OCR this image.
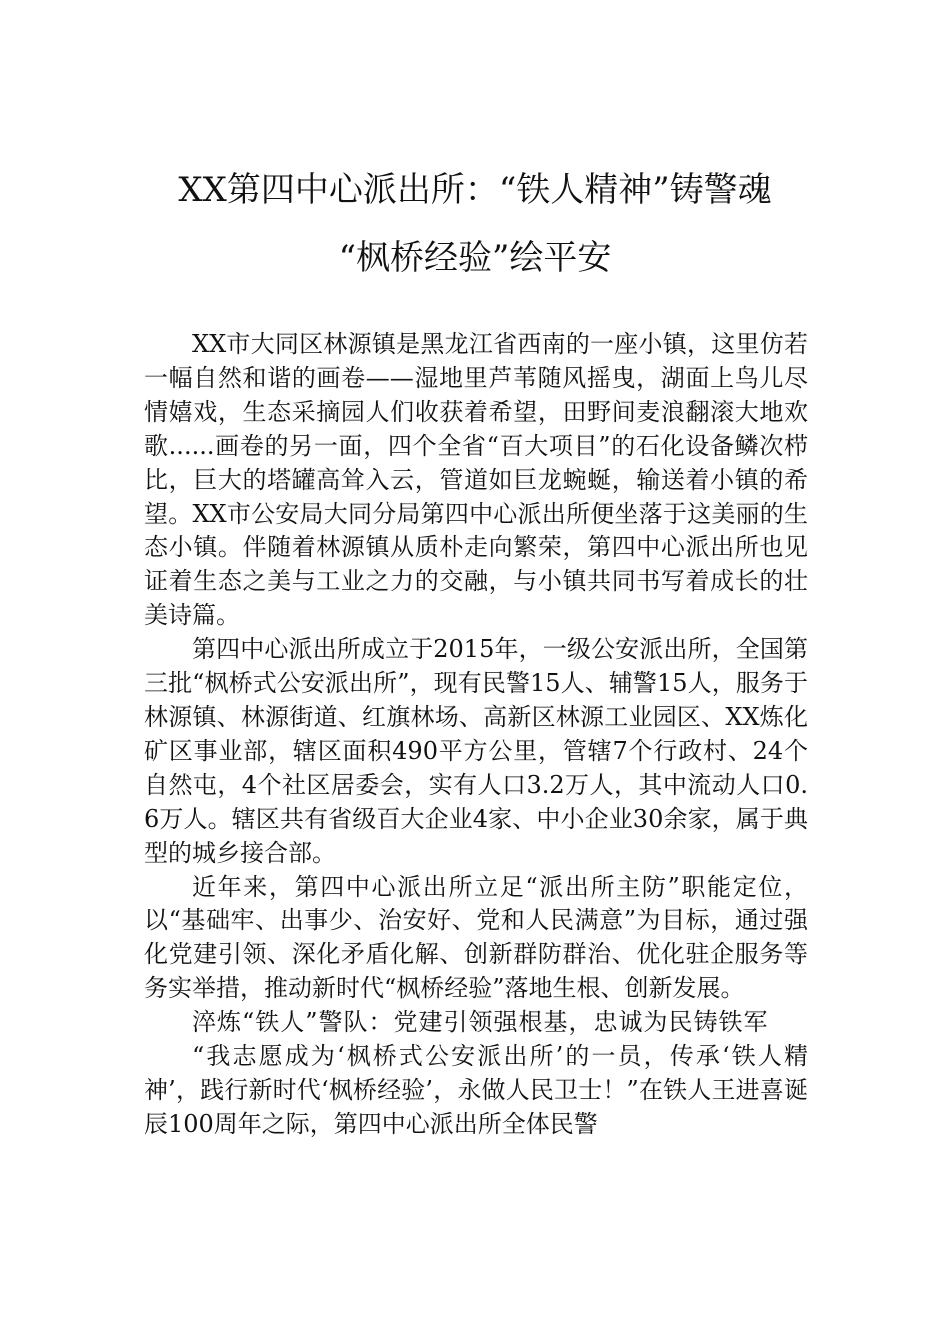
XX第四中心派出所：“铁人精神”铸警魂
“枫桥经验”绘平安

XX市大同区林源镇是黑龙江省西南的一座小镇，这里仿若一幅自然和谐的画卷——湿地里芦苇随风摇曳，湖面上鸟儿尽情嬉戏，生态采摘园人们收获着希望，田野间麦浪翻滚大地欢歌......画卷的另一面，四个全省“百大项目”的石化设备鳞次栉比，巨大的塔罐高耸入云，管道如巨龙蜿蜒，输送着小镇的希望。XX市公安局大同分局第四中心派出所便坐落于这美丽的生态小镇。伴随着林源镇从质朴走向繁荣，第四中心派出所也见证着生态之美与工业之力的交融，与小镇共同书写着成长的壮美诗篇。

第四中心派出所成立于2015年，一级公安派出所，全国第三批“枫桥式公安派出所”，现有民警15人、辅警15人，服务于林源镇、林源街道、红旗林场、高新区林源工业园区、XX炼化矿区事业部，辖区面积490平方公里，管辖7个行政村、24个自然屯，4个社区居委会，实有人口3.2万人，其中流动人口0.6万人。辖区共有省级百大企业4家、中小企业30余家，属于典型的城乡接合部。

近年来，第四中心派出所立足“派出所主防”职能定位，以“基础牢、出事少、治安好、党和人民满意”为目标，通过强化党建引领、深化矛盾化解、创新群防群治、优化驻企服务等务实举措，推动新时代“枫桥经验”落地生根、创新发展。

淬炼“铁人”警队：党建引领强根基，忠诚为民铸铁军

“我志愿成为‘枫桥式公安派出所’的一员，传承‘铁人精神’，践行新时代‘枫桥经验’，永做人民卫士！”在铁人王进喜诞辰100周年之际，第四中心派出所全体民警
